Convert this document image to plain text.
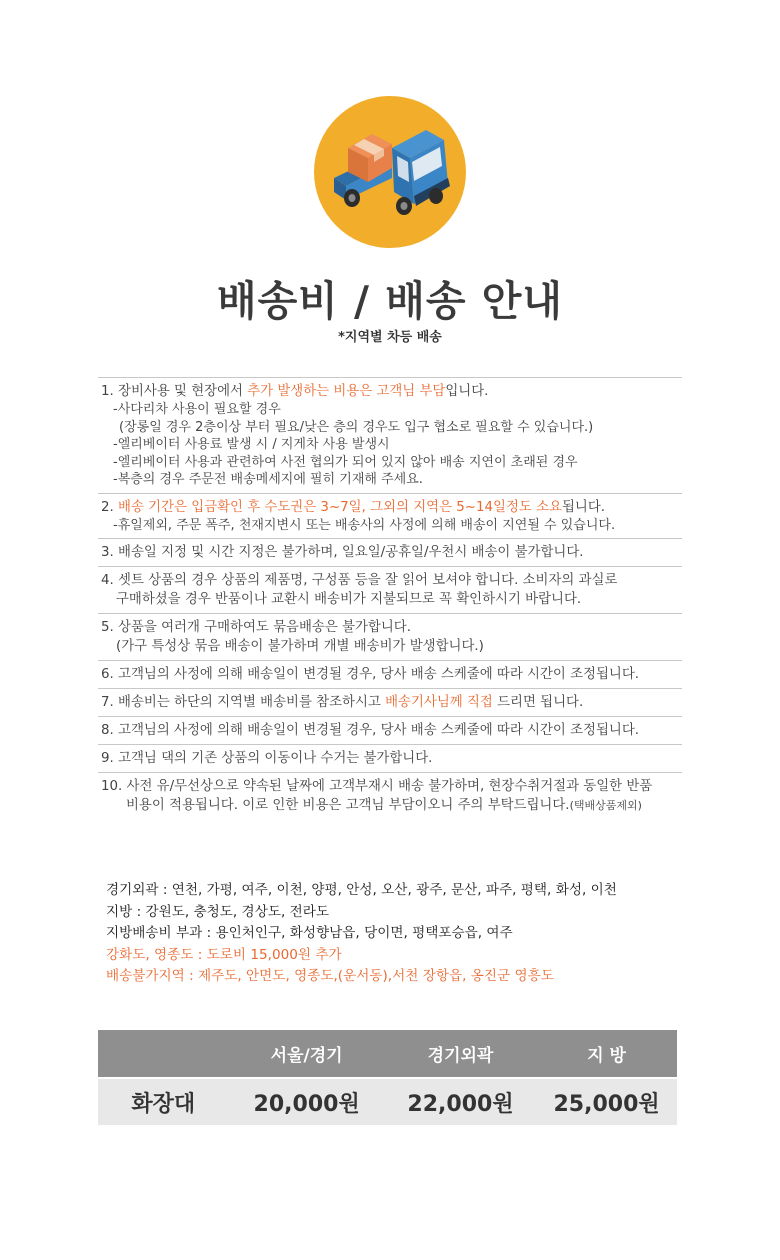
배송비 / 배송 안내
*지역별 차등 배송
1. 장비사용 및 현장에서 추가 발생하는 비용은 고객님 부담입니다.
-사다리차 사용이 필요할 경우
(장롱일 경우 2층이상 부터 필요/낮은 층의 경우도 입구 협소로 필요할 수 있습니다.)
-엘리베이터 사용료 발생 시 / 지게차 사용 발생시
-엘리베이터 사용과 관련하여 사전 협의가 되어 있지 않아 배송 지연이 초래된 경우
-복층의 경우 주문전 배송메세지에 필히 기재해 주세요.
2. 배송 기간은 입금확인 후 수도권은 3~7일, 그외의 지역은 5~14일정도 소요됩니다.
-휴일제외, 주문 폭주, 천재지변시 또는 배송사의 사정에 의해 배송이 지연될 수 있습니다.
3. 배송일 지정 및 시간 지정은 불가하며, 일요일/공휴일/우천시 배송이 불가합니다.
4. 셋트 상품의 경우 상품의 제품명, 구성품 등을 잘 읽어 보셔야 합니다. 소비자의 과실로
구매하셨을 경우 반품이나 교환시 배송비가 지불되므로 꼭 확인하시기 바랍니다.
5. 상품을 여러개 구매하여도 묶음배송은 불가합니다.
(가구 특성상 묶음 배송이 불가하며 개별 배송비가 발생합니다.)
6. 고객님의 사정에 의해 배송일이 변경될 경우, 당사 배송 스케줄에 따라 시간이 조정됩니다.
7. 배송비는 하단의 지역별 배송비를 참조하시고 배송기사님께 직접 드리면 됩니다.
8. 고객님의 사정에 의해 배송일이 변경될 경우, 당사 배송 스케줄에 따라 시간이 조정됩니다.
9. 고객님 댁의 기존 상품의 이동이나 수거는 불가합니다.
10. 사전 유/무선상으로 약속된 날짜에 고객부재시 배송 불가하며, 현장수취거절과 동일한 반품
비용이 적용됩니다. 이로 인한 비용은 고객님 부담이오니 주의 부탁드립니다.(택배상품제외)
경기외곽 : 연천, 가평, 여주, 이천, 양평, 안성, 오산, 광주, 문산, 파주, 평택, 화성, 이천
지방 : 강원도, 충청도, 경상도, 전라도
지방배송비 부과 : 용인처인구, 화성향남읍, 당이면, 평택포승읍, 여주
강화도, 영종도 : 도로비 15,000원 추가
배송불가지역 : 제주도, 안면도, 영종도,(운서동),서천 장항읍, 옹진군 영흥도
	서울/경기	경기외곽	지 방
화장대	20,000원	22,000원	25,000원
